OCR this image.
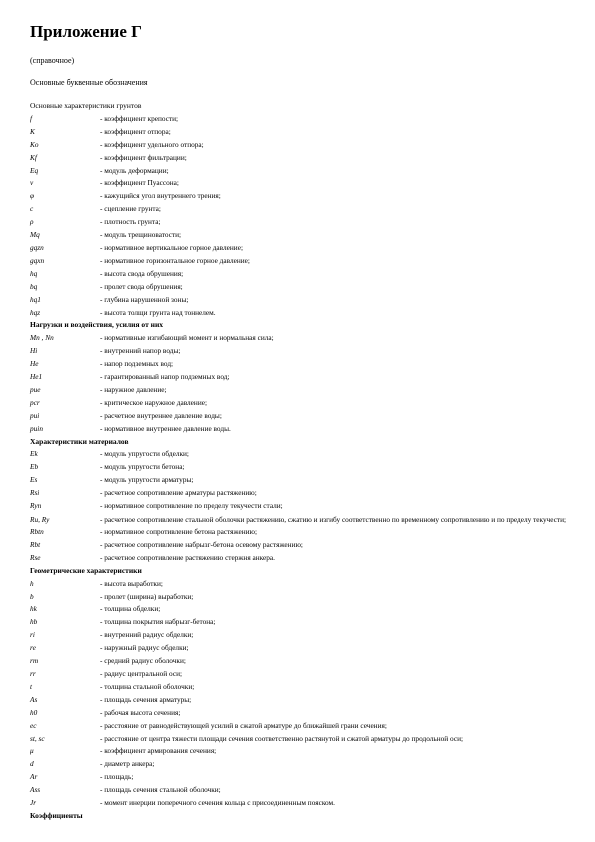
Приложение Г
(справочное)
Основные буквенные обозначения
Основные характеристики грунтов
f	- коэффициент крепости;
K	- коэффициент отпора;
Ko	- коэффициент удельного отпора;
Kf	- коэффициент фильтрации;
Eq	- модуль деформации;
ν	- коэффициент Пуассона;
φ	- кажущийся угол внутреннего трения;
c	- сцепление грунта;
ρ	- плотность грунта;
Mq	- модуль трещиноватости;
gqzn	- нормативное вертикальное горное давление;
gqxn	- нормативное горизонтальное горное давление;
hq	- высота свода обрушения;
bq	- пролет свода обрушения;
hq1	- глубина нарушенной зоны;
hqz	- высота толщи грунта над тоннелем.
Нагрузки и воздействия, усилия от них
Mn , Nn	- нормативные изгибающий момент и нормальная сила;
Hi	- внутренний напор воды;
He	- напор подземных вод;
He1	- гарантированный напор подземных вод;
pue	- наружное давление;
pcr	- критическое наружное давление;
pui	- расчетное внутреннее давление воды;
puin	- нормативное внутреннее давление воды.
Характеристики материалов
Ek	- модуль упругости обделки;
Eb	- модуль упругости бетона;
Es	- модуль упругости арматуры;
Rsi	- расчетное сопротивление арматуры растяжению;
Ryn	- нормативное сопротивление по пределу текучести стали;
Ru, Ry	- расчетное сопротивление стальной оболочки растяжению, сжатию и изгибу соответственно по временному сопротивлению и по пределу текучести;
Rbtn	- нормативное сопротивление бетона растяжению;
Rbt	- расчетное сопротивление набрызг-бетона осевому растяжению;
Rse	- расчетное сопротивление растяжению стержня анкера.
Геометрические характеристики
h	- высота выработки;
b	- пролет (ширина) выработки;
hk	- толщина обделки;
hb	- толщина покрытия набрызг-бетона;
ri	- внутренний радиус обделки;
re	- наружный радиус обделки;
rm	- средний радиус оболочки;
rr	- радиус центральной оси;
t	- толщина стальной оболочки;
As	- площадь сечения арматуры;
h0	- рабочая высота сечения;
ec	- расстояние от равнодействующей усилий в сжатой арматуре до ближайшей грани сечения;
st, sc	- расстояние от центра тяжести площади сечения соответственно растянутой и сжатой арматуры до продольной оси;
μ	- коэффициент армирования сечения;
d	- диаметр анкера;
Ar	- площадь;
Ass	- площадь сечения стальной оболочки;
Jr	- момент инерции поперечного сечения кольца с присоединенным пояском.
Коэффициенты
